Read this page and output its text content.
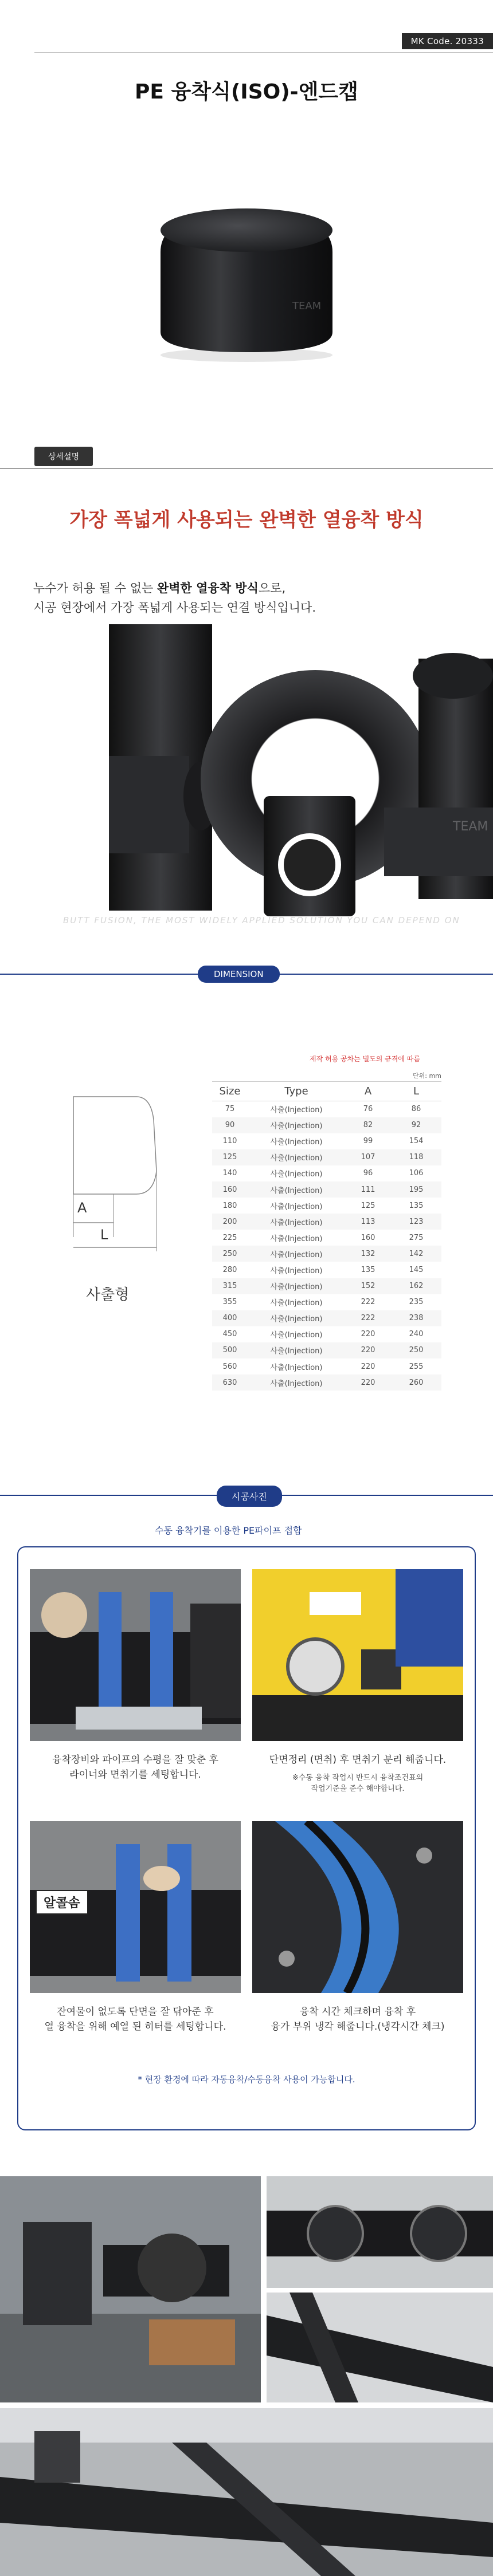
MK Code. 20333
PE 융착식(ISO)-엔드캡
TEAM
상세설명
가장 폭넓게 사용되는 완벽한 열융착 방식
누수가 허용 될 수 없는 완벽한 열융착 방식으로,
시공 현장에서 가장 폭넓게 사용되는 연결 방식입니다.
TEAM
TEAM
BUTT FUSION, THE MOST WIDELY APPLIED SOLUTION YOU CAN DEPEND ON
DIMENSION
제작 허용 공차는 별도의 규격에 따름
단위: mm
A
L
사출형
Size	Type	A	L
75	사출(Injection)	76	86
90	사출(Injection)	82	92
110	사출(Injection)	99	154
125	사출(Injection)	107	118
140	사출(Injection)	96	106
160	사출(Injection)	111	195
180	사출(Injection)	125	135
200	사출(Injection)	113	123
225	사출(Injection)	160	275
250	사출(Injection)	132	142
280	사출(Injection)	135	145
315	사출(Injection)	152	162
355	사출(Injection)	222	235
400	사출(Injection)	222	238
450	사출(Injection)	220	240
500	사출(Injection)	220	250
560	사출(Injection)	220	255
630	사출(Injection)	220	260
시공사진
수동 융착기를 이용한 PE파이프 접합
융착장비와 파이프의 수평을 잘 맞춘 후
라이너와 면취기를 세팅합니다.
단면정리 (면취) 후 면취기 분리 해줍니다.
※수동 융착 작업시 반드시 융착조건표의
작업기준을 준수 해야합니다.
알콜솜
잔여물이 없도록 단면을 잘 닦아준 후
열 융착을 위해 예열 된 히터를 세팅합니다.
융착 시간 체크하며 융착 후
융가 부위 냉각 해줍니다.(냉각시간 체크)
* 현장 환경에 따라 자동융착/수동융착 사용이 가능합니다.
